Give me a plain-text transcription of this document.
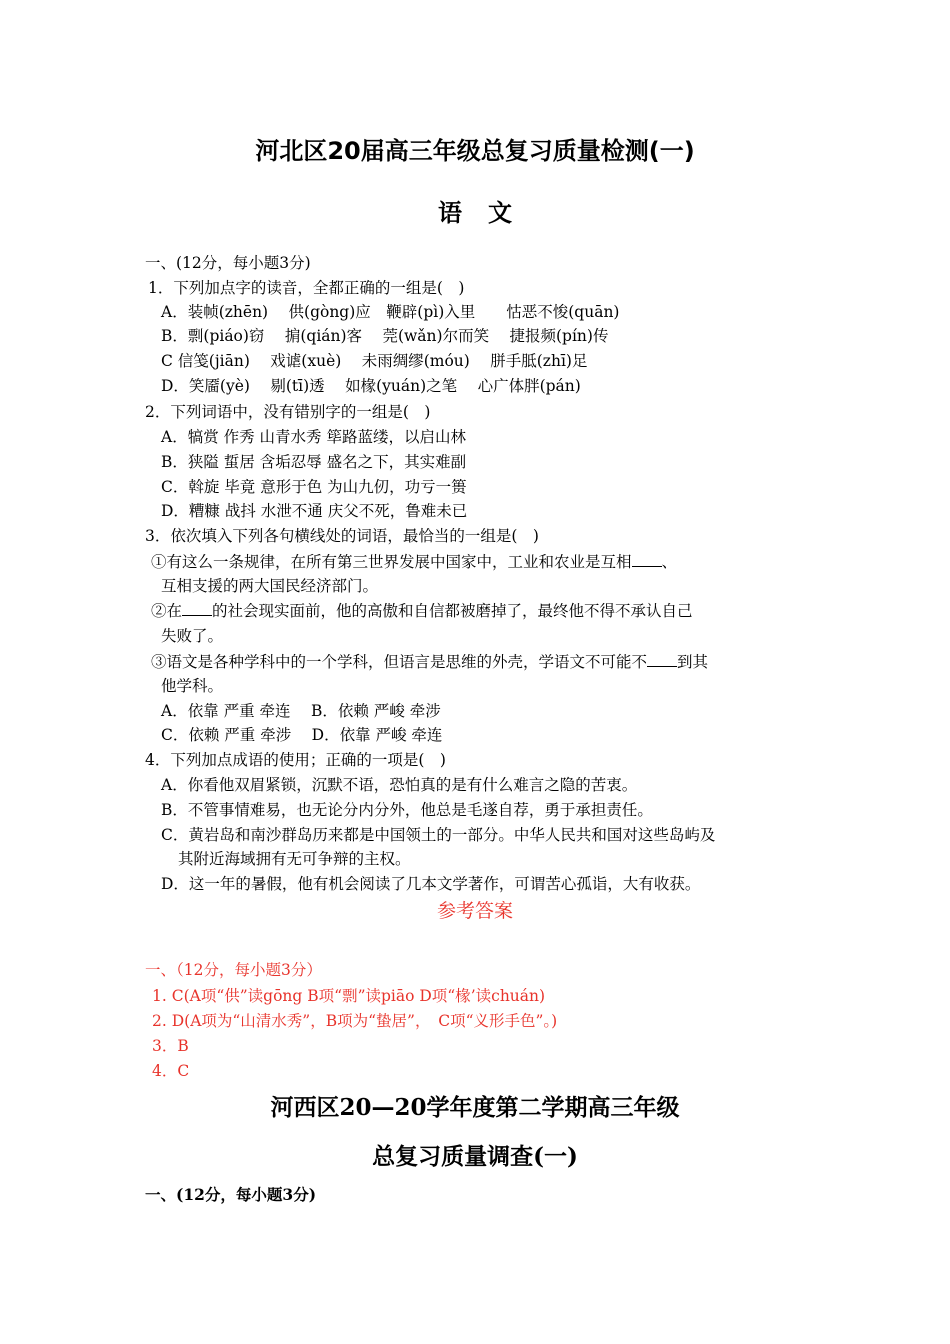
河北区20届高三年级总复习质量检测(一)
语文
一、(12分，每小题3分)
1．下列加点字的读音，全都正确的一组是(　)
A．装帧(zhēn)　 供(gòng)应　鞭辟(pì)入里　　怙恶不悛(quān)
B．剽(piáo)窃　 掮(qián)客　 莞(wǎn)尔而笑　 捷报频(pín)传
C 信笺(jiān)　 戏谑(xuè)　 未雨绸缪(móu)　 胼手胝(zhī)足
D．笑靥(yè)　 剔(tī)透　 如椽(yuán)之笔　 心广体胖(pán)
2．下列词语中，没有错别字的一组是(　)
A．犒赏 作秀 山青水秀 筚路蓝缕，以启山林
B．狭隘 蜇居 含垢忍辱 盛名之下，其实难副
C．斡旋 毕竟 意形于色 为山九仞，功亏一篑
D．糟糠 战抖 水泄不通 庆父不死，鲁难未已
3．依次填入下列各句横线处的词语，最恰当的一组是(　)
①有这么一条规律，在所有第三世界发展中国家中，工业和农业是互相 、
互相支援的两大国民经济部门。
②在 的社会现实面前，他的高傲和自信都被磨掉了，最终他不得不承认自己
失败了。
③语文是各种学科中的一个学科，但语言是思维的外壳，学语文不可能不 到其
他学科。
A．依靠 严重 牵连　 B．依赖 严峻 牵涉
C．依赖 严重 牵涉　 D．依靠 严峻 牵连
4．下列加点成语的使用；正确的一项是(　)
A．你看他双眉紧锁，沉默不语，恐怕真的是有什么难言之隐的苦衷。
B．不管事情难易，也无论分内分外，他总是毛遂自荐，勇于承担责任。
C．黄岩岛和南沙群岛历来都是中国领土的一部分。中华人民共和国对这些岛屿及
其附近海域拥有无可争辩的主权。
D．这一年的暑假，他有机会阅读了几本文学著作，可谓苦心孤诣，大有收获。
参考答案
一、（12分，每小题3分）
1. C(A项“供”读gōng B项“剽”读piāo D项“椽’读chuán)
2. D(A项为“山清水秀”，B项为“蛰居”，　C项“义形手色”。)
3．B
4．C
河西区20—20学年度第二学期高三年级
总复习质量调查(一)
一、(12分，每小题3分)
